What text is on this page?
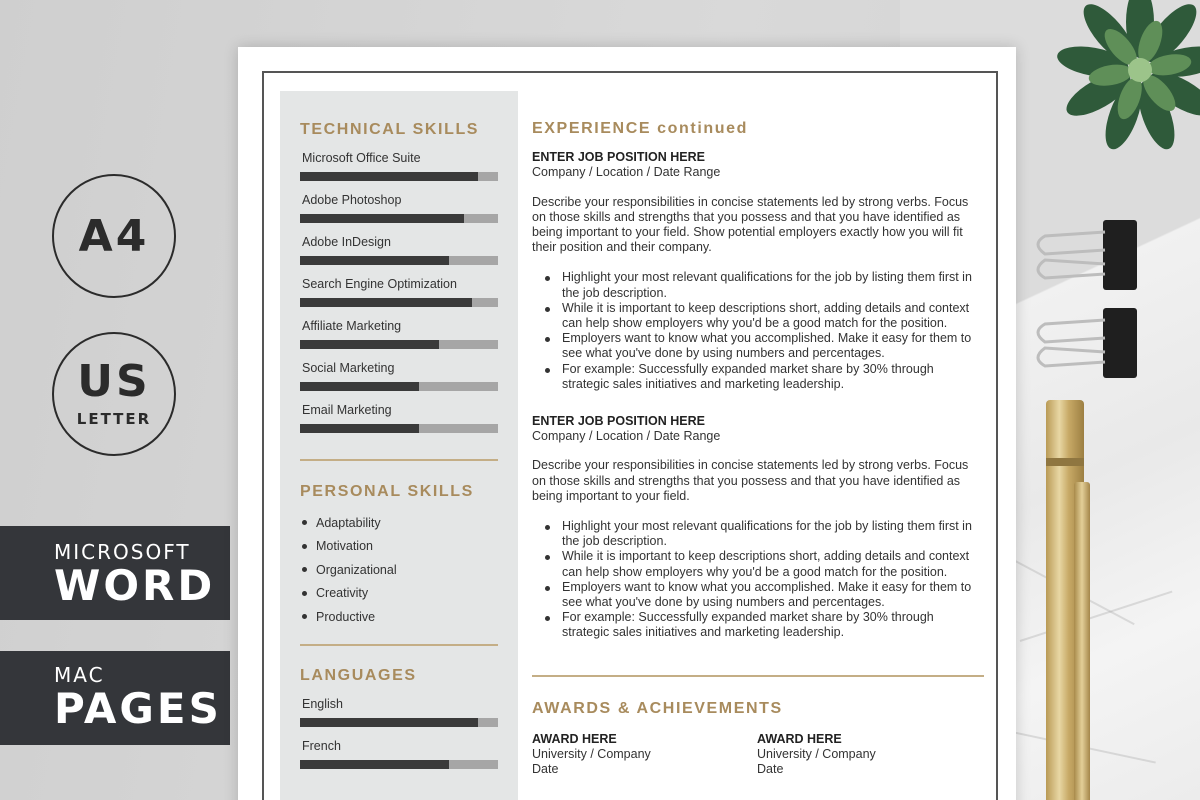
A4
US
LETTER
MICROSOFT
WORD
MAC
PAGES
TECHNICAL SKILLS
Microsoft Office Suite
Adobe Photoshop
Adobe InDesign
Search Engine Optimization
Affiliate Marketing
Social Marketing
Email Marketing
PERSONAL SKILLS
Adaptability
Motivation
Organizational
Creativity
Productive
LANGUAGES
English
French
EXPERIENCE continued
ENTER JOB POSITION HERE
Company / Location / Date Range
Describe your responsibilities in concise statements led by strong verbs. Focus on those skills and strengths that you possess and that you have identified as being important to your field. Show potential employers exactly how you will fit their position and their company.
Highlight your most relevant qualifications for the job by listing them first in the job description.
While it is important to keep descriptions short, adding details and context can help show employers why you'd be a good match for the position.
Employers want to know what you accomplished. Make it easy for them to see what you've done by using numbers and percentages.
For example: Successfully expanded market share by 30% through strategic sales initiatives and marketing leadership.
ENTER JOB POSITION HERE
Company / Location / Date Range
Describe your responsibilities in concise statements led by strong verbs. Focus on those skills and strengths that you possess and that you have identified as being important to your field.
Highlight your most relevant qualifications for the job by listing them first in the job description.
While it is important to keep descriptions short, adding details and context can help show employers why you'd be a good match for the position.
Employers want to know what you accomplished. Make it easy for them to see what you've done by using numbers and percentages.
For example: Successfully expanded market share by 30% through strategic sales initiatives and marketing leadership.
AWARDS & ACHIEVEMENTS
AWARD HERE
University / Company
Date
AWARD HERE
University / Company
Date
